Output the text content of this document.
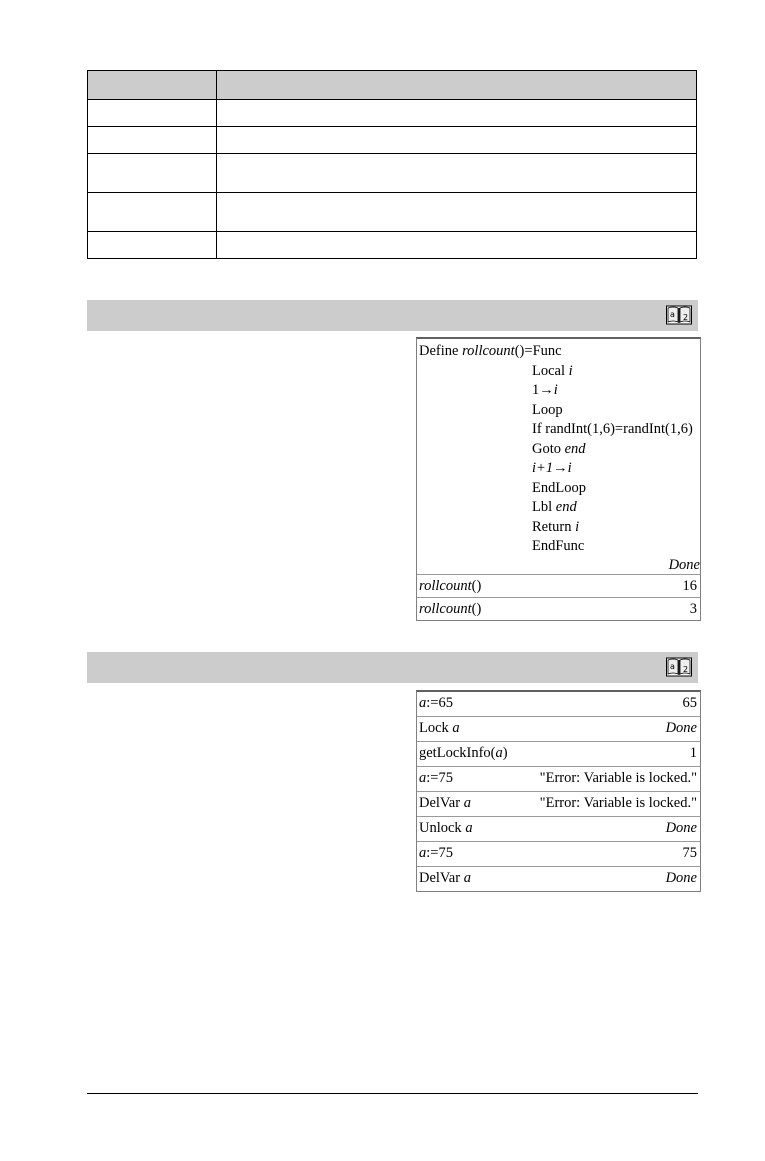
a 2
Define rollcount()=Func
Local i
1→i
Loop
If randInt(1,6)=randInt(1,6)
Goto end
i+1→i
EndLoop
Lbl end
Return i
EndFunc
Done
rollcount()	16
rollcount()	3
a 2
a:=65	65
Lock a	Done
getLockInfo(a)	1
a:=75	"Error: Variable is locked."
DelVar a	"Error: Variable is locked."
Unlock a	Done
a:=75	75
DelVar a	Done
